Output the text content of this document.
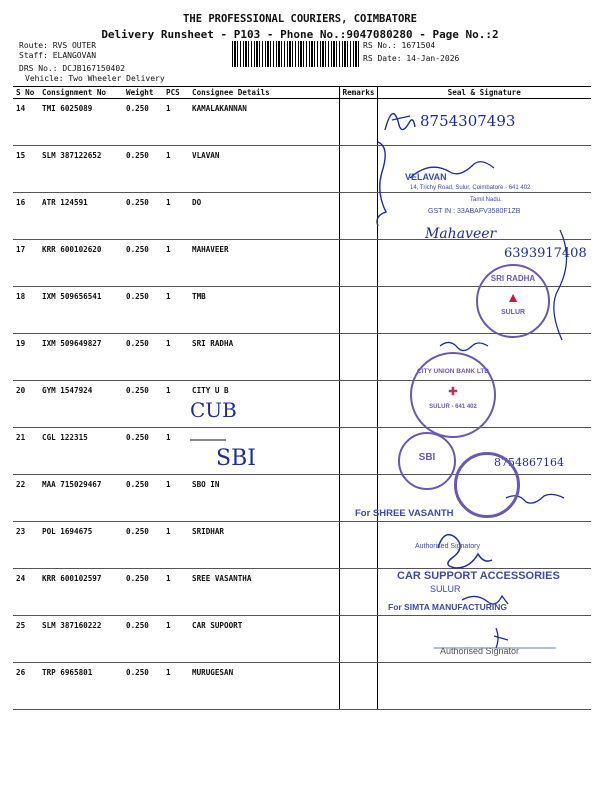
THE PROFESSIONAL COURIERS, COIMBATORE
Delivery Runsheet - P103 - Phone No.:9047080280 - Page No.:2
Route: RVS OUTER
Staff: ELANGOVAN
DRS No.: DCJB167150402
Vehicle: Two Wheeler Delivery
RS No.: 1671504
RS Date: 14-Jan-2026
S No	Consignment No	Weight	PCS	Consignee Details	Remarks	Seal & Signature
14	TMI 6025089	0.250	1	KAMALAKANNAN		
15	SLM 387122652	0.250	1	VLAVAN		
16	ATR 124591	0.250	1	DO		
17	KRR 600102620	0.250	1	MAHAVEER		
18	IXM 509656541	0.250	1	TMB		
19	IXM 509649827	0.250	1	SRI RADHA		
20	GYM 1547924	0.250	1	CITY U B		
21	CGL 122315	0.250	1			
22	MAA 715029467	0.250	1	SBO IN		
23	POL 1694675	0.250	1	SRIDHAR		
24	KRR 600102597	0.250	1	SREE VASANTHA		
25	SLM 387160222	0.250	1	CAR SUPOORT		
26	TRP 6965801	0.250	1	MURUGESAN		
8754307493
Mahaveer
6393917408
CUB
SBI	8754867164
VELAVAN
14, Trichy Road, Sulur, Coimbatore - 641 402
Tamil Nadu.
GST IN : 33ABAFV3580F1ZB
SRI RADHA
▲
SULUR
CITY UNION BANK LTD
✚
SULUR - 641 402
SBI
For SHREE VASANTH
Authorised Signatory
CAR SUPPORT ACCESSORIES
SULUR
For SIMTA MANUFACTURING
Authorised Signator
